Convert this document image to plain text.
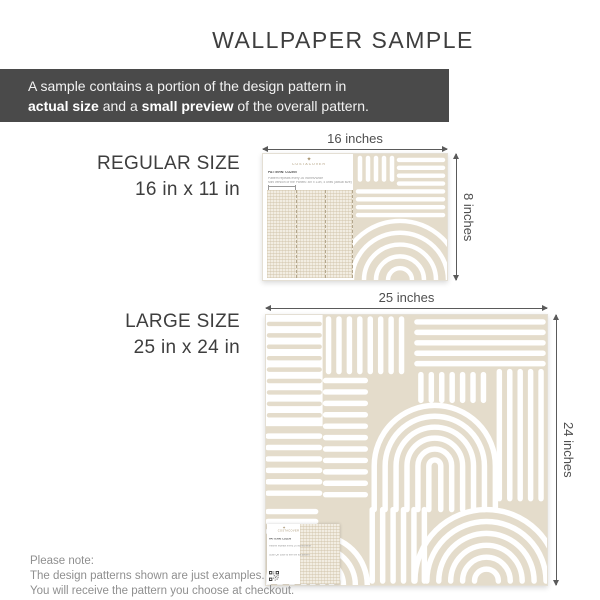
WALLPAPER SAMPLE
A sample contains a portion of the design pattern in
actual size and a small preview of the overall pattern.
REGULAR SIZE
16 in x 11 in
16 inches
✦
COSTACOVER
PATTERN: COZEN
Pattern repeats every 26 inches/Wide
Mini version of the Panels: 4in x 11in, 4 units (actual size)
8 inches
LARGE SIZE
25 in x 24 in
25 inches
✦
COSTACOVER
PATTERN: COZEN
Pattern repeats every 26 inches/Wide
Scan QR code to see the full pattern
24 inches
Please note:
The design patterns shown are just examples.
You will receive the pattern you choose at checkout.
